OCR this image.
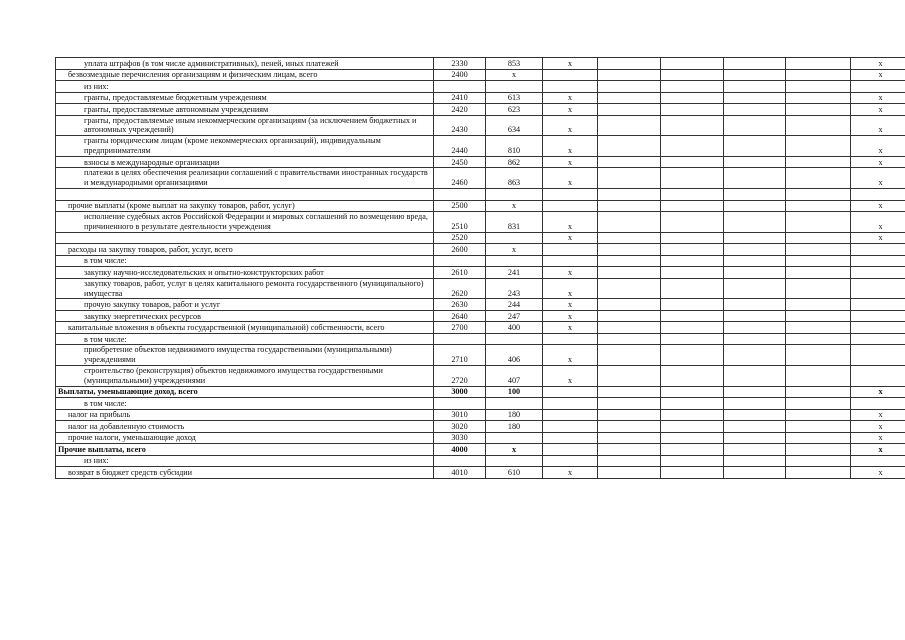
уплата штрафов (в том числе административных), пеней, иных платежей	2330	853	x					x
безвозмездные перечисления организациям и физическим лицам, всего	2400	x						x
из них:								
гранты, предоставляемые бюджетным учреждениям	2410	613	x					x
гранты, предоставляемые автономным учреждениям	2420	623	x					x
гранты, предоставляемые иным некоммерческим организациям (за исключением бюджетных и автономных учреждений)	2430	634	x					x
гранты юридическим лицам (кроме некоммерческих организаций), индивидуальным предпринимателям	2440	810	x					x
взносы в международные организации	2450	862	x					x
платежи в целях обеспечения реализации соглашений с правительствами иностранных государств и международными организациями	2460	863	x					x

прочие выплаты (кроме выплат на закупку товаров, работ, услуг)	2500	x						x
исполнение судебных актов Российской Федерации и мировых соглашений по возмещению вреда, причиненного в результате деятельности учреждения	2510	831	x					x
	2520		x					x
расходы на закупку товаров, работ, услуг, всего	2600	x						
в том числе:								
закупку научно-исследовательских и опытно-конструкторских работ	2610	241	x					
закупку товаров, работ, услуг в целях капитального ремонта государственного (муниципального) имущества	2620	243	x					
прочую закупку товаров, работ и услуг	2630	244	x					
закупку энергетических ресурсов	2640	247	x					
капитальные вложения в объекты государственной (муниципальной) собственности, всего	2700	400	x					
в том числе:								
приобретение объектов недвижимого имущества государственными (муниципальными) учреждениями	2710	406	x					
строительство (реконструкция) объектов недвижимого имущества государственными (муниципальными) учреждениями	2720	407	x					
Выплаты, уменьшающие доход, всего	3000	100						x
в том числе:								
налог на прибыль	3010	180						x
налог на добавленную стоимость	3020	180						x
прочие налоги, уменьшающие доход	3030							x
Прочие выплаты, всего	4000	x						x
из них:								
возврат в бюджет средств субсидии	4010	610	x					x
